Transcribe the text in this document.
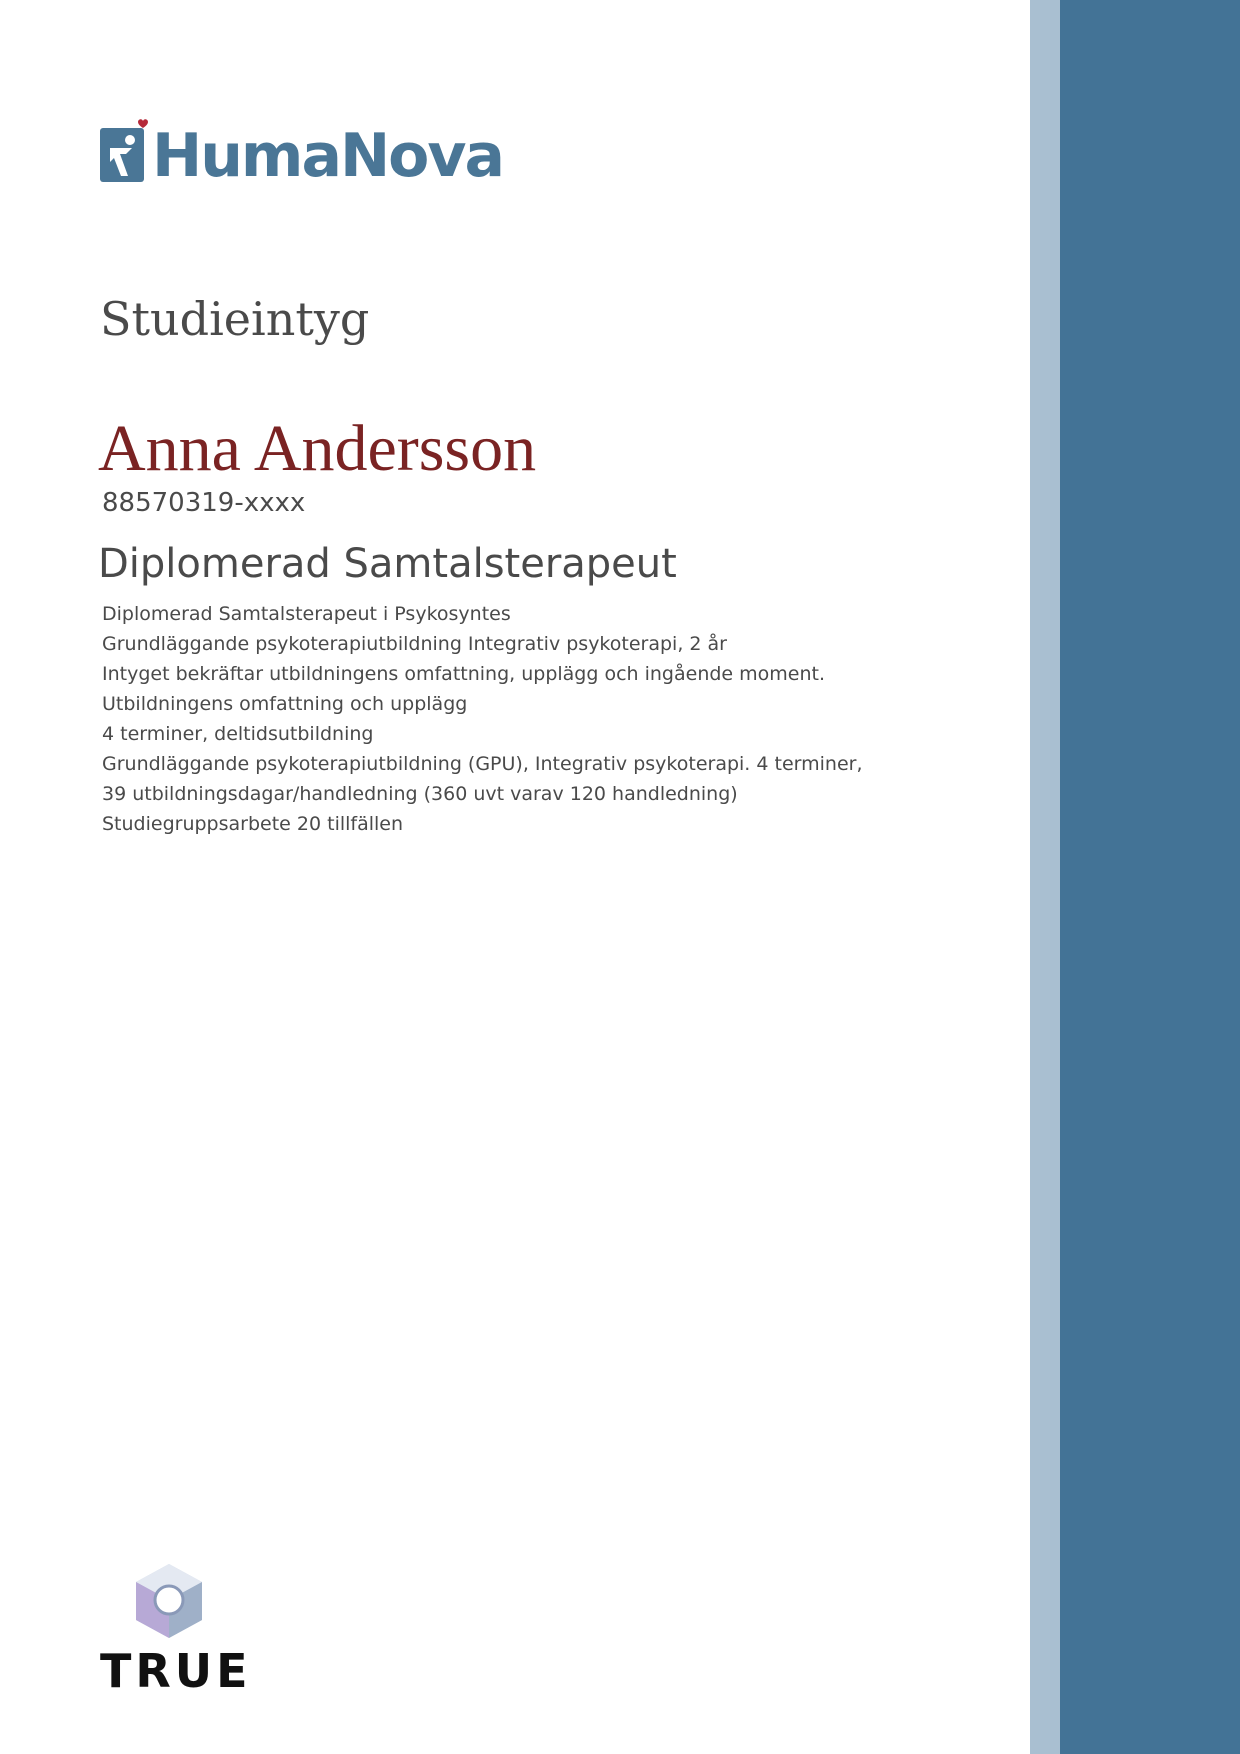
HumaNova
Studieintyg
Anna Andersson
88570319-xxxx
Diplomerad Samtalsterapeut
Diplomerad Samtalsterapeut i Psykosyntes
Grundläggande psykoterapiutbildning Integrativ psykoterapi, 2 år
Intyget bekräftar utbildningens omfattning, upplägg och ingående moment.
Utbildningens omfattning och upplägg
4 terminer, deltidsutbildning
Grundläggande psykoterapiutbildning (GPU), Integrativ psykoterapi. 4 terminer,
39 utbildningsdagar/handledning (360 uvt varav 120 handledning)
Studiegruppsarbete 20 tillfällen
TRUE
